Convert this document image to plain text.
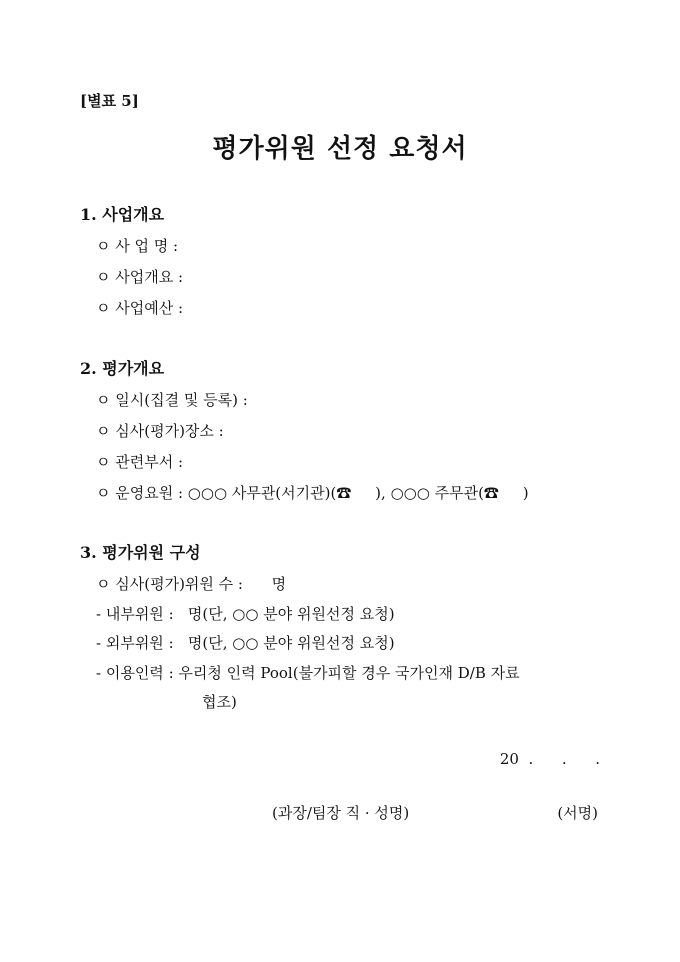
[별표 5]
평가위원 선정 요청서
1. 사업개요
ㅇ 사 업 명 :
ㅇ 사업개요 :
ㅇ 사업예산 :
2. 평가개요
ㅇ 일시(집결 및 등록) :
ㅇ 심사(평가)장소 :
ㅇ 관련부서 :
ㅇ 운영요원 : ○○○ 사무관(서기관)(☎     ), ○○○ 주무관(☎     )
3. 평가위원 구성
ㅇ 심사(평가)위원 수 :      명
- 내부위원 :   명(단, ○○ 분야 위원선정 요청)
- 외부위원 :   명(단, ○○ 분야 위원선정 요청)
- 이용인력 : 우리청 인력 Pool(불가피할 경우 국가인재 D/B 자료
협조)
20  .      .      .
(과장/팀장 직 · 성명)	(서명)
